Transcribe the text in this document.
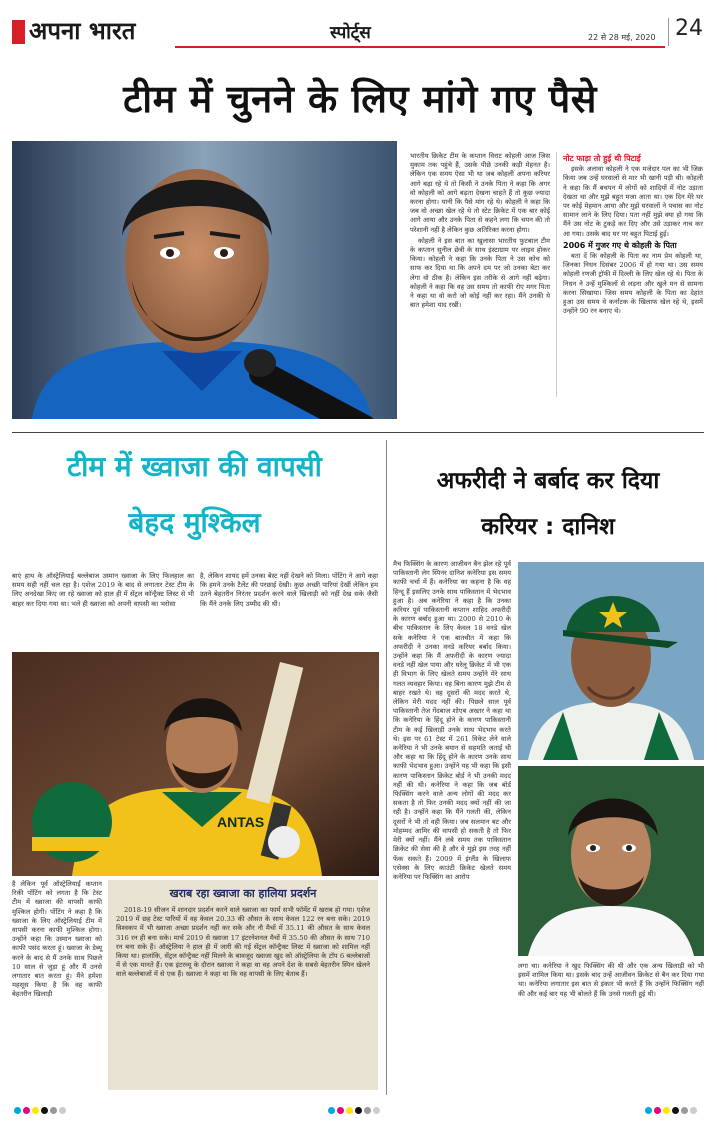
अपना भारत	स्पोर्ट्स	22 से 28 मई, 2020 24
टीम में चुनने के लिए मांगे गए पैसे

भारतीय क्रिकेट टीम के कप्तान विराट कोहली आज जिस मुकाम तक पहुंचे हैं, उसके पीछे उनकी कड़ी मेहनत है। लेकिन एक समय ऐसा भी था जब कोहली अपना करियर आगे बढ़ा रहे थे तो किसी ने उनके पिता ने कहा कि अगर वो कोहली को आगे बढ़ता देखना चाहते हैं तो कुछ ज्यादा करना होगा। यानी कि पैसे मांग रहे थे। कोहली ने कहा कि जब वो अच्छा खेल रहे थे तो स्टेट क्रिकेट में एक बार कोई आगे आया और उनके पिता से कहने लगा कि चयन की तो परेशानी नहीं है लेकिन कुछ अतिरिक्त करना होगा।

कोहली ने इस बात का खुलासा भारतीय फुटबाल टीम के कप्तान सुनील छेत्री के साथ इंस्टाग्राम पर लाइव होकर किया। कोहली ने कहा कि उनके पिता ने उस कोच को साफ कर दिया था कि अपने दम पर जो उनका बेटा कर लेगा वो ठीक है। लेकिन इस तरीके से आगे नहीं बढ़ेगा। कोहली ने कहा कि वह उस समय तो काफी रोए मगर पिता ने कहा था वो करो जो कोई नहीं कर रहा। मैंने उनकी ये बात हमेशा याद रखी।

नोट फाड़ा तो हुई थी पिटाई

इसके अलावा कोहली ने एक मजेदार पल का भी जिक्र किया जब उन्हें घरवालों से मार भी खानी पड़ी थी। कोहली ने कहा कि मैं बचपन में लोगों को शादियों में नोट उड़ाता देखता था और मुझे बहुत मजा आता था। एक दिन मेरे घर पर कोई मेहमान आया और मुझे घरवालों ने पचास का नोट सामान लाने के लिए दिया। पता नहीं मुझे क्या हो गया कि मैंने उस नोट के टुकड़े कर दिए और उसे उड़ाकर नाच कर आ गया। उसके बाद घर पर बहुत पिटाई हुई।

2006 में गुजर गए थे कोहली के पिता

बता दें कि कोहली के पिता का नाम प्रेम कोहली था, जिनका निधन दिसंबर 2006 में हो गया था। उस समय कोहली रणजी ट्रॉफी में दिल्ली के लिए खेल रहे थे। पिता के निधन ने उन्हें मुश्किलों से लड़ना और खुले मन से सामना करना सिखाया। जिस समय कोहली के पिता का देहांत हुआ उस समय वे कर्नाटक के खिलाफ खेल रहे थे, इसमें उन्होंने 90 रन बनाए थे।

टीम में ख्वाजा की वापसी
बेहद मुश्किल

बाएं हाथ के ऑस्ट्रेलियाई बल्लेबाज उस्मान ख्वाजा के लिए फिलहाल का समय सही नहीं चल रहा है। एशेज 2019 के बाद से लगातार टेस्ट टीम के लिए अनदेखा किए जा रहे ख्वाजा को हाल ही में सेंट्रल कॉन्ट्रैक्ट लिस्ट से भी बाहर कर दिया गया था। भले ही ख्वाजा को अपनी वापसी का भरोसा

है, लेकिन शायद हमें उनका बेस्ट नहीं देखने को मिला। पोंटिंग ने आगे कहा कि हमने उनके टैलेंट की परछाई देखी। कुछ अच्छी पारियां देखीं लेकिन हम उतने बेहतरीन निरंतर प्रदर्शन करने वाले खिलाड़ी को नहीं देख सके जैसी कि मैंने उनके लिए उम्मीद की थी।

ANTAS

है लेकिन पूर्व ऑस्ट्रेलियाई कप्तान रिकी पोंटिंग को लगता है कि टेस्ट टीम में ख्वाजा की वापसी काफी मुश्किल होगी। पोंटिंग ने कहा है कि ख्वाजा के लिए ऑस्ट्रेलियाई टीम में वापसी करना काफी मुश्किल होगा। उन्होंने कहा कि उस्मान ख्वाजा को काफी पसंद करता हूं। ख्वाजा के डेब्यू करने के बाद से मैं उनके साथ पिछले 10 साल से जुड़ा हूं और मैं उनसे लगातार बात करता हूं। मैंने हमेशा महसूस किया है कि वह काफी बेहतरीन खिलाड़ी

खराब रहा ख्वाजा का हालिया प्रदर्शन
2018-19 सीजन में शानदार प्रदर्शन करने वाले ख्वाजा का फार्म सभी फॉर्मेट में खराब हो गया। एशेज 2019 में छह टेस्ट पारियों में वह केवल 20.33 की औसत के साथ केवल 122 रन बना सके। 2019 विश्वकप में भी ख्वाजा अच्छा प्रदर्शन नहीं कर सके और नौ मैचों में 35.11 की औसत के साथ केवल 316 रन ही बना सके। मार्च 2019 से ख्वाजा 17 इंटरनेशनल मैचों में 35.50 की औसत के साथ 710 रन बना सके हैं। ऑस्ट्रेलिया ने हाल ही में जारी की गई सेंट्रल कॉन्ट्रैक्ट लिस्ट में ख्वाजा को शामिल नहीं किया था। हालांकि, सेंट्रल कॉन्ट्रैक्ट नहीं मिलने के बावजूद ख्वाजा खुद को ऑस्ट्रेलिया के टॉप 6 बल्लेबाजों में से एक मानते हैं। एक इंटरव्यू के दौरान ख्वाजा ने कहा था वह अपने देश के सबसे बेहतरीन स्पिन खेलने वाले बल्लेबाजों में से एक हैं। ख्वाजा ने कहा था कि वह वापसी के लिए बेताब हैं।
अफरीदी ने बर्बाद कर दिया
करियर : दानिश

मैच फिक्सिंग के कारण आजीवन बैन झेल रहे पूर्व पाकिस्तानी लेग स्पिनर दानिश कनेरिया इस समय काफी चर्चा में हैं। कनेरिया का कहना है कि वह हिन्दू हैं इसलिए उनके साथ पाकिस्तान में भेदभाव हुआ है। अब कनेरिया ने कहा है कि उनका करियर पूर्व पाकिस्तानी कप्तान शाहिद अफरीदी के कारण बर्बाद हुआ था। 2000 से 2010 के बीच पाकिस्तान के लिए केवल 18 वनडे खेल सके कनेरिया ने एक बातचीत में कहा कि अफरीदी ने उनका वनडे करियर बर्बाद किया। उन्होंने कहा कि मैं अफरीदी के कारण ज्यादा वनडे नहीं खेल पाया और घरेलू क्रिकेट में भी एक ही विभाग के लिए खेलते समय उन्होंने मेरे साथ गलत व्यवहार किया। वह बिना कारण मुझे टीम से बाहर रखते थे। वह दूसरों की मदद करते थे, लेकिन मेरी मदद नहीं की। पिछले साल पूर्व पाकिस्तानी तेज गेंदबाज शोएब अख्तर ने कहा था कि कनेरिया के हिंदू होने के कारण पाकिस्तानी टीम के कई खिलाड़ी उनके साथ भेदभाव करते थे। इस पर 61 टेस्ट में 261 विकेट लेने वाले कनेरिया ने भी उनके बयान से सहमति जताई थी और कहा था कि हिंदू होने के कारण उनके साथ काफी भेदभाव हुआ। उन्होंने यह भी कहा कि इसी कारण पाकिस्तान क्रिकेट बोर्ड ने भी उनकी मदद नहीं की थी। कनेरिया ने कहा कि जब बोर्ड फिक्सिंग करने वाले अन्य लोगों की मदद कर सकता है तो फिर उनकी मदद क्यों नहीं की जा रही है। उन्होंने कहा कि मैंने गलती की, लेकिन दूसरों ने भी तो वही किया। जब सलमान बट और मोहम्मद आमिर की वापसी हो सकती है तो फिर मेरी क्यों नहीं। मैंने लंबे समय तक पाकिस्तान क्रिकेट की सेवा की है और वे मुझे इस तरह नहीं फेंक सकते हैं। 2009 में इंग्लैंड के खिलाफ एसेक्स के लिए काउंटी क्रिकेट खेलते समय कनेरिया पर फिक्सिंग का आरोप

लगा था। कनेरिया ने खुद फिक्सिंग की थी और एक अन्य खिलाड़ी को भी इसमें शामिल किया था। इसके बाद उन्हें आजीवन क्रिकेट से बैन कर दिया गया था। कनेरिया लगातार इस बात से इंकार भी करते हैं कि उन्होंने फिक्सिंग नहीं की और कई बार यह भी बोलते हैं कि उनसे गलती हुई थी।
